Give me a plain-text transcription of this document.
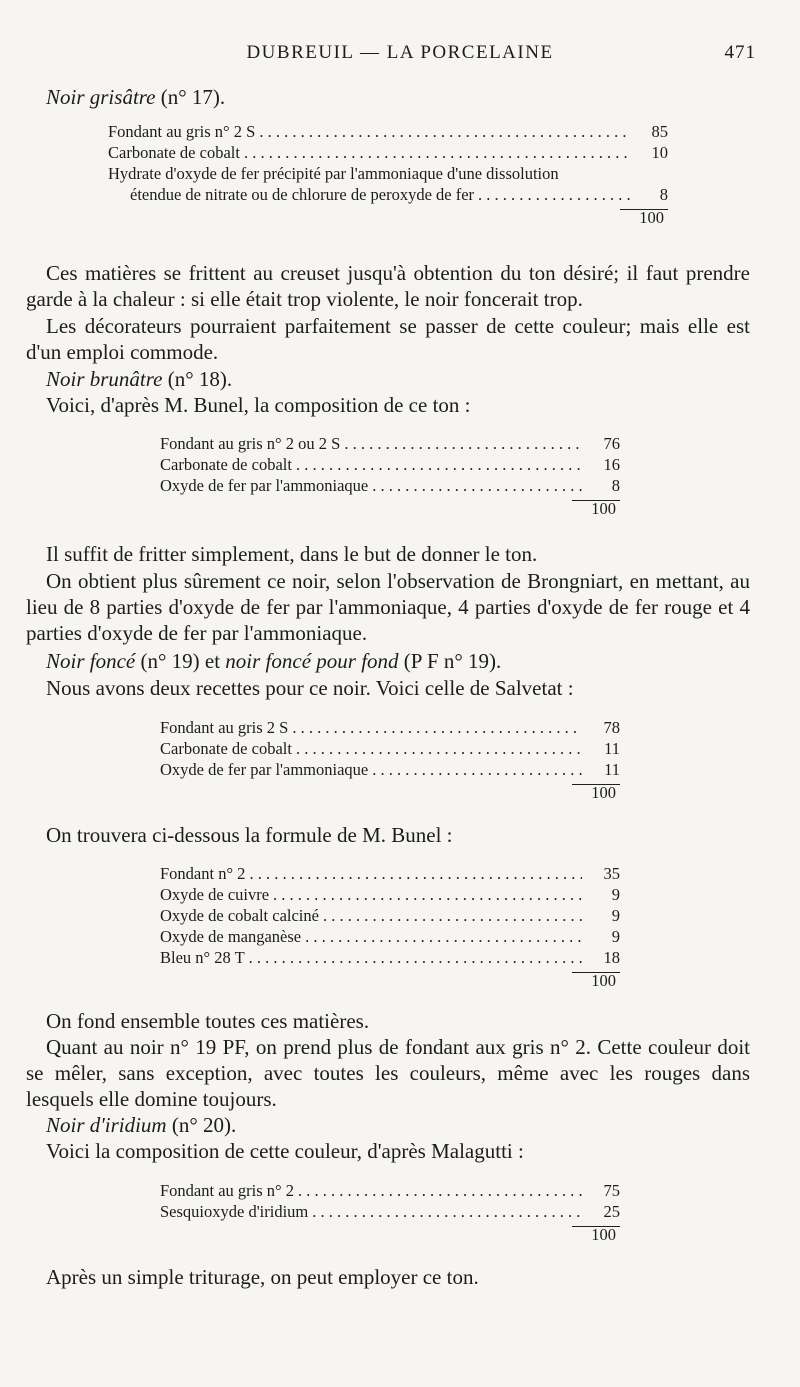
DUBREUIL — LA PORCELAINE	471

Noir grisâtre (n° 17).

Fondant au gris n° 2 S . . .	85
Carbonate de cobalt . . .	10
Hydrate d'oxyde de fer précipité par l'ammoniaque d'une dissolution
étendue de nitrate ou de chlorure de peroxyde de fer . . .	8
100

Ces matières se frittent au creuset jusqu'à obtention du ton désiré; il faut prendre garde à la chaleur : si elle était trop violente, le noir foncerait trop.

Les décorateurs pourraient parfaitement se passer de cette couleur; mais elle est d'un emploi commode.

Noir brunâtre (n° 18).

Voici, d'après M. Bunel, la composition de ce ton :

Fondant au gris n° 2 ou 2 S . . .	76
Carbonate de cobalt . . .	16
Oxyde de fer par l'ammoniaque . . .	8
100

Il suffit de fritter simplement, dans le but de donner le ton.

On obtient plus sûrement ce noir, selon l'observation de Brongniart, en mettant, au lieu de 8 parties d'oxyde de fer par l'ammoniaque, 4 parties d'oxyde de fer rouge et 4 parties d'oxyde de fer par l'ammoniaque.

Noir foncé (n° 19) et noir foncé pour fond (P F n° 19).

Nous avons deux recettes pour ce noir. Voici celle de Salvetat :

Fondant au gris 2 S . . .	78
Carbonate de cobalt . . .	11
Oxyde de fer par l'ammoniaque . . .	11
100

On trouvera ci-dessous la formule de M. Bunel :

Fondant n° 2 . . .	35
Oxyde de cuivre . . .	9
Oxyde de cobalt calciné . . .	9
Oxyde de manganèse . . .	9
Bleu n° 28 T . . .	18
100

On fond ensemble toutes ces matières.

Quant au noir n° 19 PF, on prend plus de fondant aux gris n° 2. Cette couleur doit se mêler, sans exception, avec toutes les couleurs, même avec les rouges dans lesquels elle domine toujours.

Noir d'iridium (n° 20).

Voici la composition de cette couleur, d'après Malagutti :

Fondant au gris n° 2 . . .	75
Sesquioxyde d'iridium . . .	25
100

Après un simple triturage, on peut employer ce ton.
